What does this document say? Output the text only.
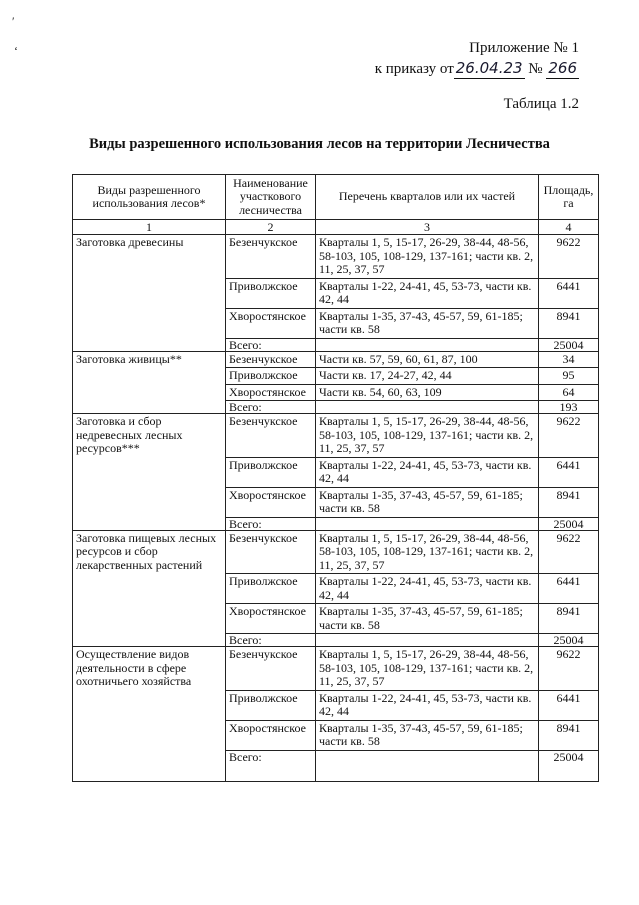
′
ʻ	Приложение № 1
к приказу от 26.04.23 № 266
Таблица 1.2
Виды разрешенного использования лесов на территории Лесничества
Виды разрешенного использования лесов*	Наименование участкового лесничества	Перечень кварталов или их частей	Площадь, га
1	2	3	4
Заготовка древесины	Безенчукское	Кварталы 1, 5, 15-17, 26-29, 38-44, 48-56, 58-103, 105, 108-129, 137-161; части кв. 2, 11, 25, 37, 57	9622
	Приволжское	Кварталы 1-22, 24-41, 45, 53-73, части кв. 42, 44	6441
	Хворостянское	Кварталы 1-35, 37-43, 45-57, 59, 61-185; части кв. 58	8941
	Всего:		25004
Заготовка живицы**	Безенчукское	Части кв. 57, 59, 60, 61, 87, 100	34
	Приволжское	Части кв. 17, 24-27, 42, 44	95
	Хворостянское	Части кв. 54, 60, 63, 109	64
	Всего:		193
Заготовка и сбор недревесных лесных ресурсов***	Безенчукское	Кварталы 1, 5, 15-17, 26-29, 38-44, 48-56, 58-103, 105, 108-129, 137-161; части кв. 2, 11, 25, 37, 57	9622
	Приволжское	Кварталы 1-22, 24-41, 45, 53-73, части кв. 42, 44	6441
	Хворостянское	Кварталы 1-35, 37-43, 45-57, 59, 61-185; части кв. 58	8941
	Всего:		25004
Заготовка пищевых лесных ресурсов и сбор лекарственных растений	Безенчукское	Кварталы 1, 5, 15-17, 26-29, 38-44, 48-56, 58-103, 105, 108-129, 137-161; части кв. 2, 11, 25, 37, 57	9622
	Приволжское	Кварталы 1-22, 24-41, 45, 53-73, части кв. 42, 44	6441
	Хворостянское	Кварталы 1-35, 37-43, 45-57, 59, 61-185; части кв. 58	8941
	Всего:		25004
Осуществление видов деятельности в сфере охотничьего хозяйства	Безенчукское	Кварталы 1, 5, 15-17, 26-29, 38-44, 48-56, 58-103, 105, 108-129, 137-161; части кв. 2, 11, 25, 37, 57	9622
	Приволжское	Кварталы 1-22, 24-41, 45, 53-73, части кв. 42, 44	6441
	Хворостянское	Кварталы 1-35, 37-43, 45-57, 59, 61-185; части кв. 58	8941
	Всего:		25004
